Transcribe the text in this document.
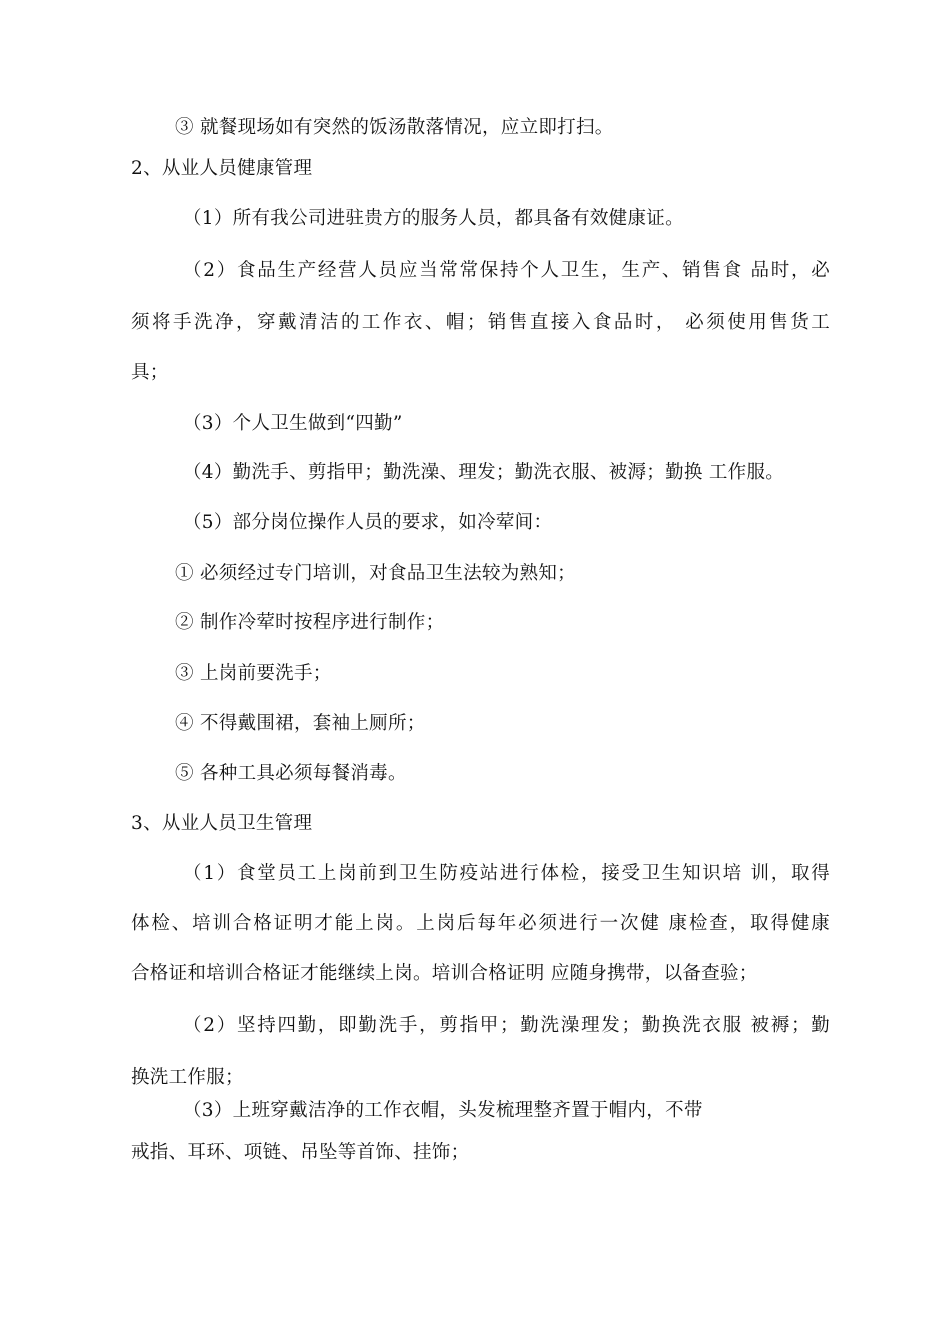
③ 就餐现场如有突然的饭汤散落情况，应立即打扫。
2、从业人员健康管理
（1）所有我公司进驻贵方的服务人员，都具备有效健康证。
（2）食品生产经营人员应当常常保持个人卫生，生产、销售食 品时，必
须将手洗净，穿戴清洁的工作衣、帽；销售直接入食品时， 必须使用售货工
具；
（3）个人卫生做到“四勤”
（4）勤洗手、剪指甲；勤洗澡、理发；勤洗衣服、被溽；勤换 工作服。
（5）部分岗位操作人员的要求，如冷荤间：
① 必须经过专门培训，对食品卫生法较为熟知；
② 制作冷荤时按程序进行制作；
③ 上岗前要洗手；
④ 不得戴围裙，套袖上厕所；
⑤ 各种工具必须每餐消毒。
3、从业人员卫生管理
（1）食堂员工上岗前到卫生防疫站进行体检，接受卫生知识培 训，取得
体检、培训合格证明才能上岗。上岗后每年必须进行一次健 康检查，取得健康
合格证和培训合格证才能继续上岗。培训合格证明 应随身携带，以备查验；
（2）坚持四勤，即勤洗手，剪指甲；勤洗澡理发；勤换洗衣服 被褥；勤
换洗工作服；
（3）上班穿戴洁净的工作衣帽，头发梳理整齐置于帽内，不带
戒指、耳环、项链、吊坠等首饰、挂饰；
